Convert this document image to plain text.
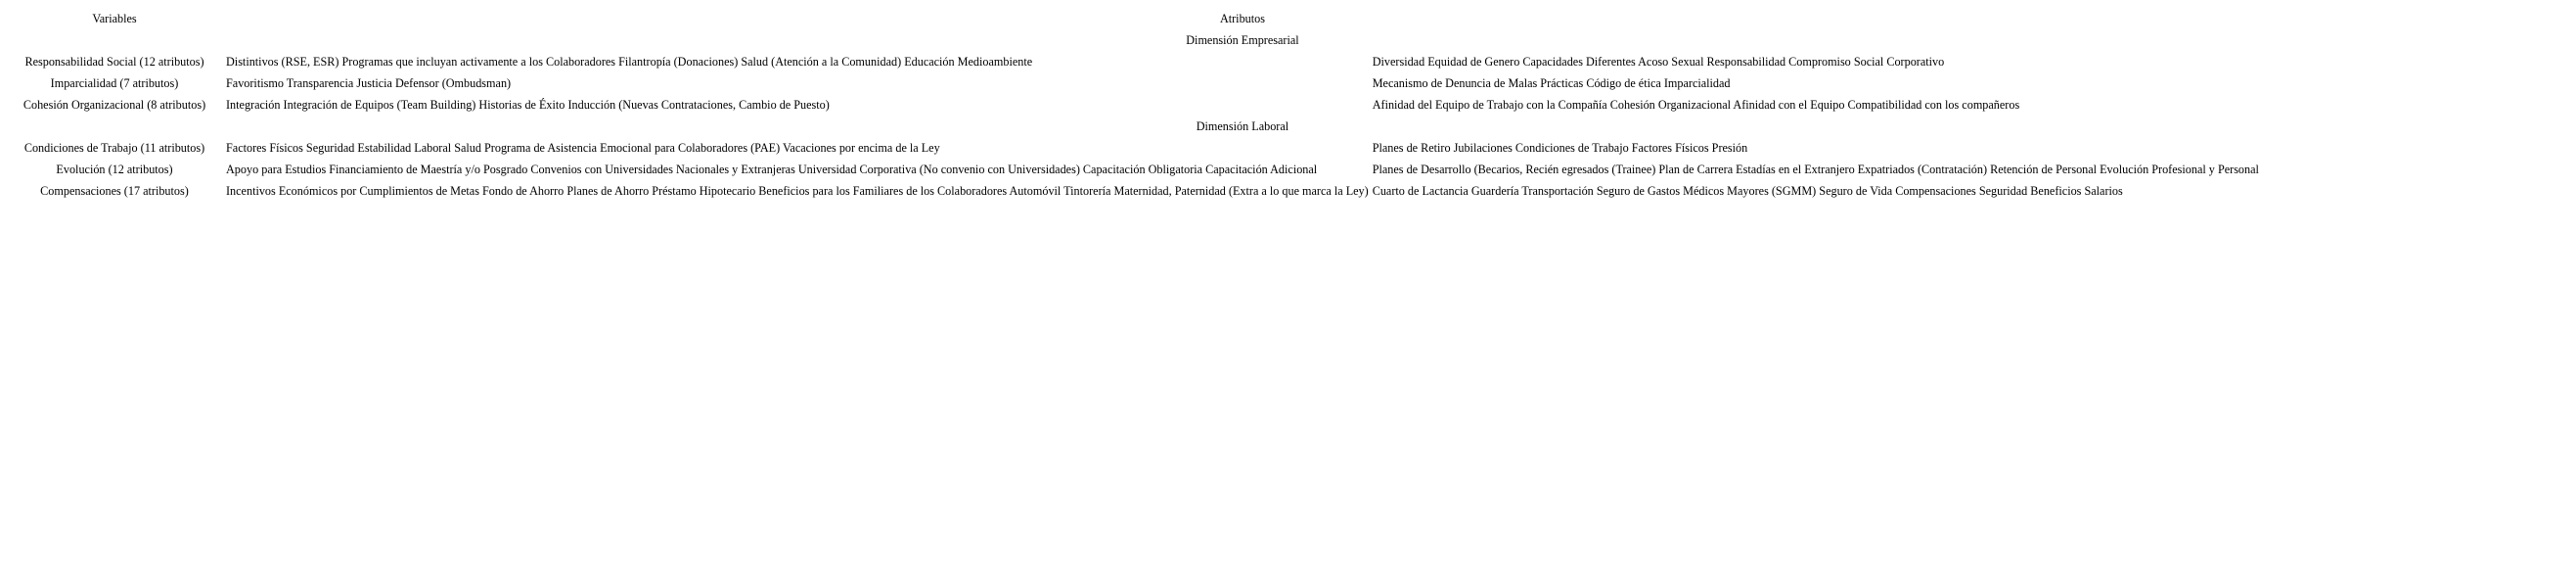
Variables	Atributos	
	Dimensión Empresarial	
Responsabilidad Social (12 atributos)	Distintivos (RSE, ESR) Programas que incluyan activamente a los Colaboradores Filantropía (Donaciones) Salud (Atención a la Comunidad) Educación Medioambiente	Diversidad Equidad de Genero Capacidades Diferentes Acoso Sexual Responsabilidad Compromiso Social Corporativo
Imparcialidad (7 atributos)	Favoritismo Transparencia Justicia Defensor (Ombudsman)	Mecanismo de Denuncia de Malas Prácticas Código de ética Imparcialidad
Cohesión Organizacional (8 atributos)	Integración Integración de Equipos (Team Building) Historias de Éxito Inducción (Nuevas Contrataciones, Cambio de Puesto)	Afinidad del Equipo de Trabajo con la Compañía Cohesión Organizacional Afinidad con el Equipo Compatibilidad con los compañeros
	Dimensión Laboral	
Condiciones de Trabajo (11 atributos)	Factores Físicos Seguridad Estabilidad Laboral Salud Programa de Asistencia Emocional para Colaboradores (PAE) Vacaciones por encima de la Ley	Planes de Retiro Jubilaciones Condiciones de Trabajo Factores Físicos Presión
Evolución (12 atributos)	Apoyo para Estudios Financiamiento de Maestría y/o Posgrado Convenios con Universidades Nacionales y Extranjeras Universidad Corporativa (No convenio con Universidades) Capacitación Obligatoria Capacitación Adicional	Planes de Desarrollo (Becarios, Recién egresados (Trainee) Plan de Carrera Estadías en el Extranjero Expatriados (Contratación) Retención de Personal Evolución Profesional y Personal
Compensaciones (17 atributos)	Incentivos Económicos por Cumplimientos de Metas Fondo de Ahorro Planes de Ahorro Préstamo Hipotecario Beneficios para los Familiares de los Colaboradores Automóvil Tintorería Maternidad, Paternidad (Extra a lo que marca la Ley)	Cuarto de Lactancia Guardería Transportación Seguro de Gastos Médicos Mayores (SGMM) Seguro de Vida Compensaciones Seguridad Beneficios Salarios
